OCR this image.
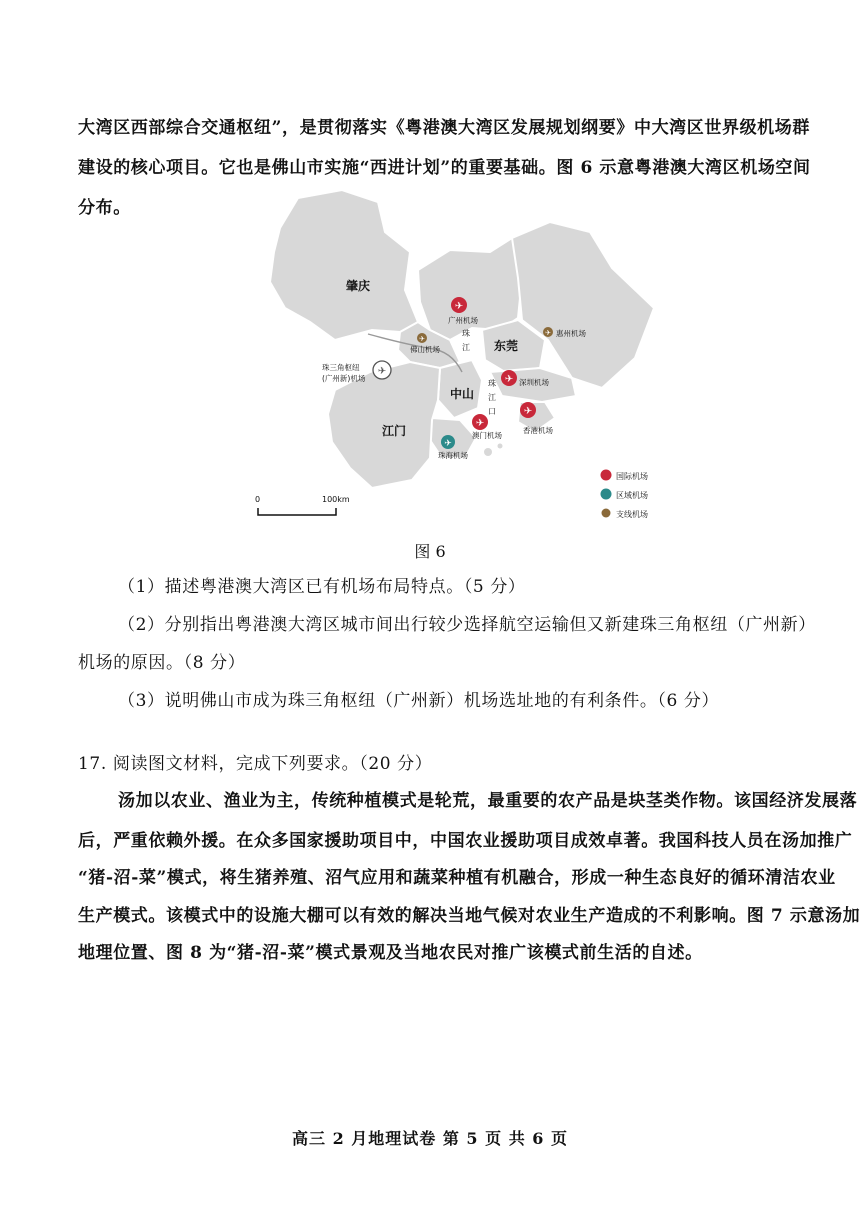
大湾区西部综合交通枢纽”，是贯彻落实《粤港澳大湾区发展规划纲要》中大湾区世界级机场群
建设的核心项目。它也是佛山市实施“西进计划”的重要基础。图 6 示意粤港澳大湾区机场空间
分布。
肇庆
东莞
中山
江门
珠
江
珠
江
口
✈
广州机场
✈
佛山机场
✈ 惠州机场
✈
珠三角枢纽
(广州新)机场	✈ 深圳机场
✈
香港机场
✈
澳门机场
✈
珠海机场
国际机场
区域机场
支线机场
0	100km
图 6
（1）描述粤港澳大湾区已有机场布局特点。（5 分）
（2）分别指出粤港澳大湾区城市间出行较少选择航空运输但又新建珠三角枢纽（广州新）
机场的原因。（8 分）
（3）说明佛山市成为珠三角枢纽（广州新）机场选址地的有利条件。（6 分）
17. 阅读图文材料，完成下列要求。（20 分）
汤加以农业、渔业为主，传统种植模式是轮荒，最重要的农产品是块茎类作物。该国经济发展落
后，严重依赖外援。在众多国家援助项目中，中国农业援助项目成效卓著。我国科技人员在汤加推广
“猪-沼-菜”模式，将生猪养殖、沼气应用和蔬菜种植有机融合，形成一种生态良好的循环清洁农业
生产模式。该模式中的设施大棚可以有效的解决当地气候对农业生产造成的不利影响。图 7 示意汤加
地理位置、图 8 为“猪-沼-菜”模式景观及当地农民对推广该模式前生活的自述。
高三 2 月地理试卷 第 5 页 共 6 页
